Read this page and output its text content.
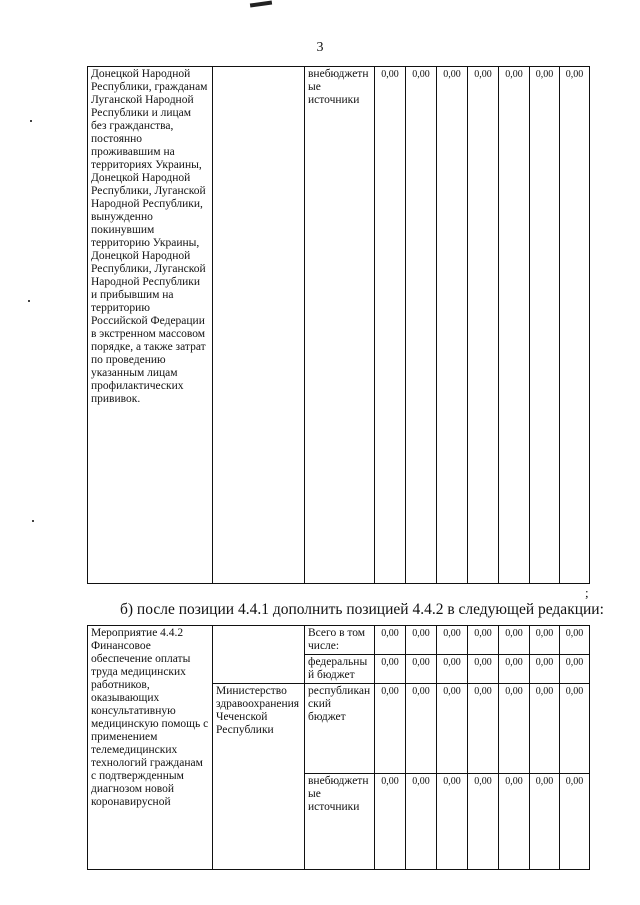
3
Донецкой Народной Республики, гражданам Луганской Народной Республики и лицам без гражданства, постоянно проживавшим на территориях Украины, Донецкой Народной Республики, Луганской Народной Республики, вынужденно покинувшим территорию Украины, Донецкой Народной Республики, Луганской Народной Республики и прибывшим на территорию Российской Федерации в экстренном массовом порядке, а также затрат по проведению указанным лицам профилактических прививок.		внебюджетные источники	0,00	0,00	0,00	0,00	0,00	0,00	0,00
;
б) после позиции 4.4.1 дополнить позицией 4.4.2 в следующей редакции:
Мероприятие 4.4.2 Финансовое обеспечение оплаты труда медицинских работников, оказывающих консультативную медицинскую помощь с применением телемедицинских технологий гражданам с подтвержденным диагнозом новой коронавирусной		Всего в том числе:	0,00	0,00	0,00	0,00	0,00	0,00	0,00
		федеральный бюджет	0,00	0,00	0,00	0,00	0,00	0,00	0,00
	Министерство здравоохранения Чеченской Республики	республиканский бюджет	0,00	0,00	0,00	0,00	0,00	0,00	0,00
		внебюджетные источники	0,00	0,00	0,00	0,00	0,00	0,00	0,00
